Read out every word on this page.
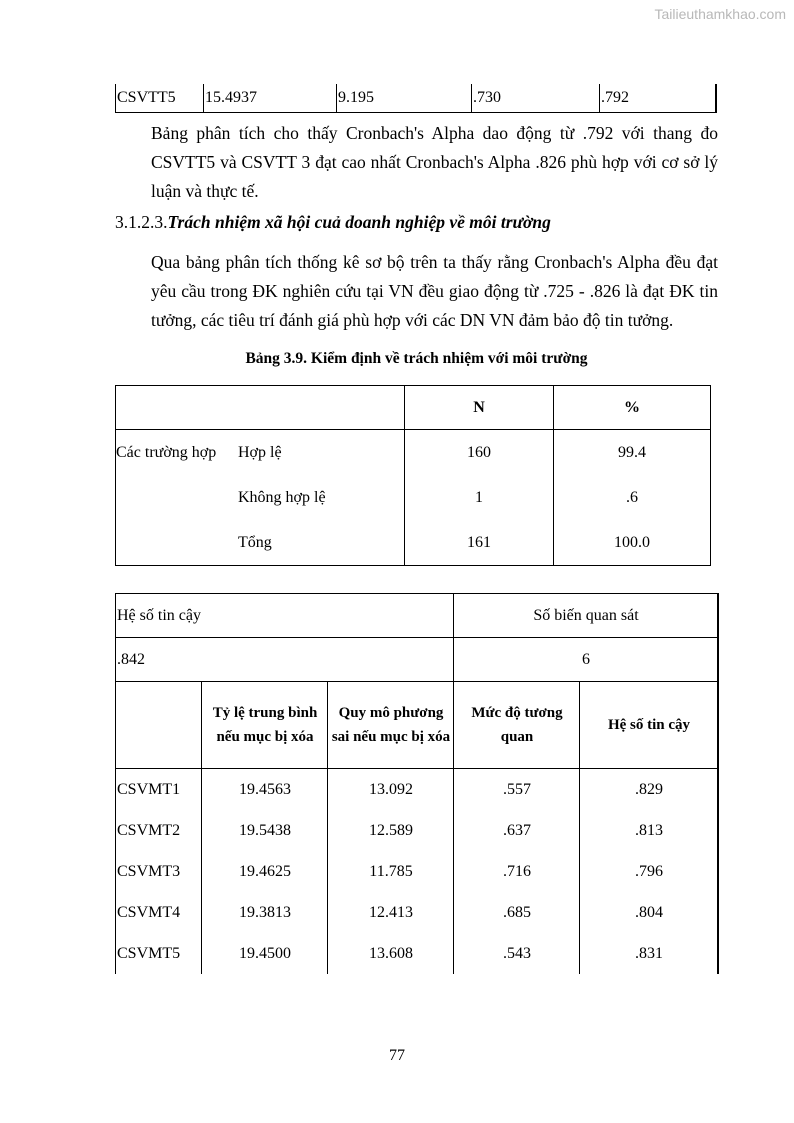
Tailieuthamkhao.com
CSVTT5	15.4937	9.195	.730	.792
Bảng phân tích cho thấy Cronbach's Alpha dao động từ .792 với thang đo CSVTT5 và CSVTT 3 đạt cao nhất Cronbach's Alpha .826 phù hợp với cơ sở lý luận và thực tế.
3.1.2.3.Trách nhiệm xã hội cuả doanh nghiệp về môi trường
Qua bảng phân tích thống kê sơ bộ trên ta thấy rằng Cronbach's Alpha đều đạt yêu cầu trong ĐK nghiên cứu tại VN đều giao động từ .725 - .826 là đạt ĐK tin tưởng, các tiêu trí đánh giá phù hợp với các DN VN đảm bảo độ tin tưởng.
Bảng 3.9. Kiểm định về trách nhiệm với môi trường
		N	%
Các trường hợp	Hợp lệ	160	99.4
	Không hợp lệ	1	.6
	Tổng	161	100.0
Hệ số tin cậy			Số biến quan sát	
.842			6	
	Tỷ lệ trung bình nếu mục bị xóa	Quy mô phương sai nếu mục bị xóa	Mức độ tương quan	Hệ số tin cậy
CSVMT1	19.4563	13.092	.557	.829
CSVMT2	19.5438	12.589	.637	.813
CSVMT3	19.4625	11.785	.716	.796
CSVMT4	19.3813	12.413	.685	.804
CSVMT5	19.4500	13.608	.543	.831
77
